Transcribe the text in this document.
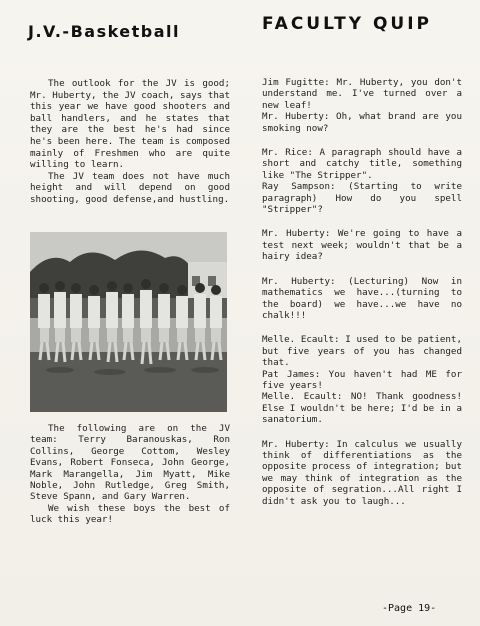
J.V.-Basketball	FACULTY QUIP

The outlook for the JV is good; Mr. Huberty, the JV coach, says that this year we have good shooters and ball handlers, and he states that they are the best he's had since he's been here. The team is composed mainly of Freshmen who are quite willing to learn.

The JV team does not have much height and will depend on good shooting, good defense,and hustling.

The following are on the JV team: Terry Baranouskas, Ron Collins, George Cottom, Wesley Evans, Robert Fonseca, John George, Mark Marangella, Jim Myatt, Mike Noble, John Rutledge, Greg Smith, Steve Spann, and Gary Warren.

We wish these boys the best of luck this year!

Jim Fugitte: Mr. Huberty, you don't understand me. I've turned over a new leaf!
Mr. Huberty: Oh, what brand are you smoking now?
Mr. Rice: A paragraph should have a short and catchy title, something like "The Stripper".
Ray Sampson: (Starting to write paragraph) How do you spell "Stripper"?
Mr. Huberty: We're going to have a test next week; wouldn't that be a hairy idea?
Mr. Huberty: (Lecturing) Now in mathematics we have...(turning to the board) we have...we have no chalk!!!
Melle. Ecault: I used to be patient, but five years of you has changed that.
Pat James: You haven't had ME for five years!
Melle. Ecault: NO! Thank goodness! Else I wouldn't be here; I'd be in a sanatorium.
Mr. Huberty: In calculus we usually think of differentiations as the opposite process of integration; but we may think of integration as the opposite of segration...All right I didn't ask you to laugh...
-Page 19-
